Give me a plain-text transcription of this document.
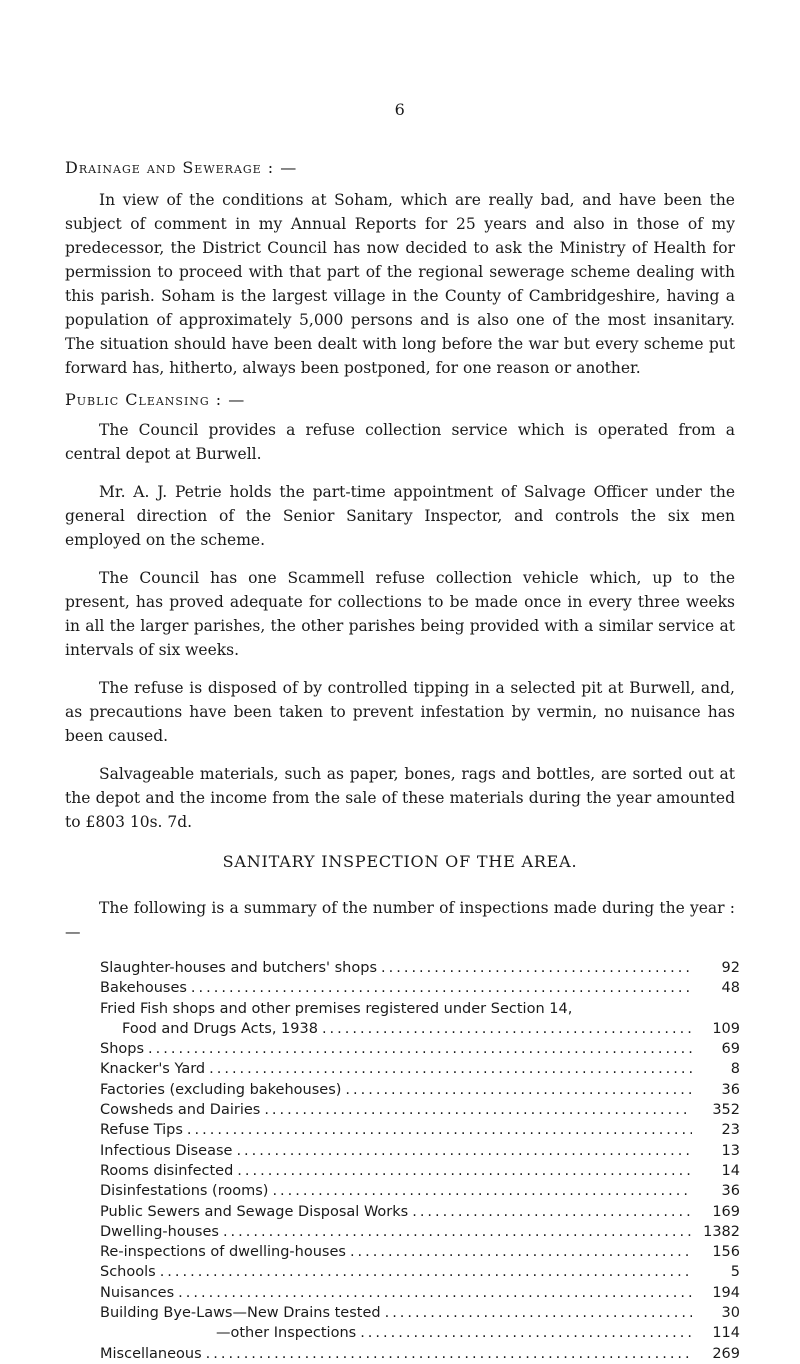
6
Drainage and Sewerage : —

In view of the conditions at Soham, which are really bad, and have been the subject of comment in my Annual Reports for 25 years and also in those of my predecessor, the District Council has now decided to ask the Ministry of Health for permission to proceed with that part of the regional sewerage scheme dealing with this parish. Soham is the largest village in the County of Cambridgeshire, having a population of approximately 5,000 persons and is also one of the most insanitary. The situation should have been dealt with long before the war but every scheme put forward has, hitherto, always been postponed, for one reason or another.

Public Cleansing : —

The Council provides a refuse collection service which is operated from a central depot at Burwell.

Mr. A. J. Petrie holds the part-time appointment of Salvage Officer under the general direction of the Senior Sanitary Inspector, and controls the six men employed on the scheme.

The Council has one Scammell refuse collection vehicle which, up to the present, has proved adequate for collections to be made once in every three weeks in all the larger parishes, the other parishes being provided with a similar service at intervals of six weeks.

The refuse is disposed of by controlled tipping in a selected pit at Burwell, and, as precautions have been taken to prevent infestation by vermin, no nuisance has been caused.

Salvageable materials, such as paper, bones, rags and bottles, are sorted out at the depot and the income from the sale of these materials during the year amounted to £803 10s. 7d.

SANITARY INSPECTION OF THE AREA.

The following is a summary of the number of inspections made during the year : —

Slaughter-houses and butchers' shops .....	92
Bakehouses .....	48
Fried Fish shops and other premises registered under Section 14,
Food and Drugs Acts, 1938 .....	109
Shops .....	69
Knacker's Yard .....	8
Factories (excluding bakehouses) .....	36
Cowsheds and Dairies .....	352
Refuse Tips .....	23
Infectious Disease .....	13
Rooms disinfected .....	14
Disinfestations (rooms) .....	36
Public Sewers and Sewage Disposal Works .....	169
Dwelling-houses .....	1382
Re-inspections of dwelling-houses .....	156
Schools .....	5
Nuisances .....	194
Building Bye-Laws—New Drains tested .....	30
—other Inspections .....	114
Miscellaneous .....	269
